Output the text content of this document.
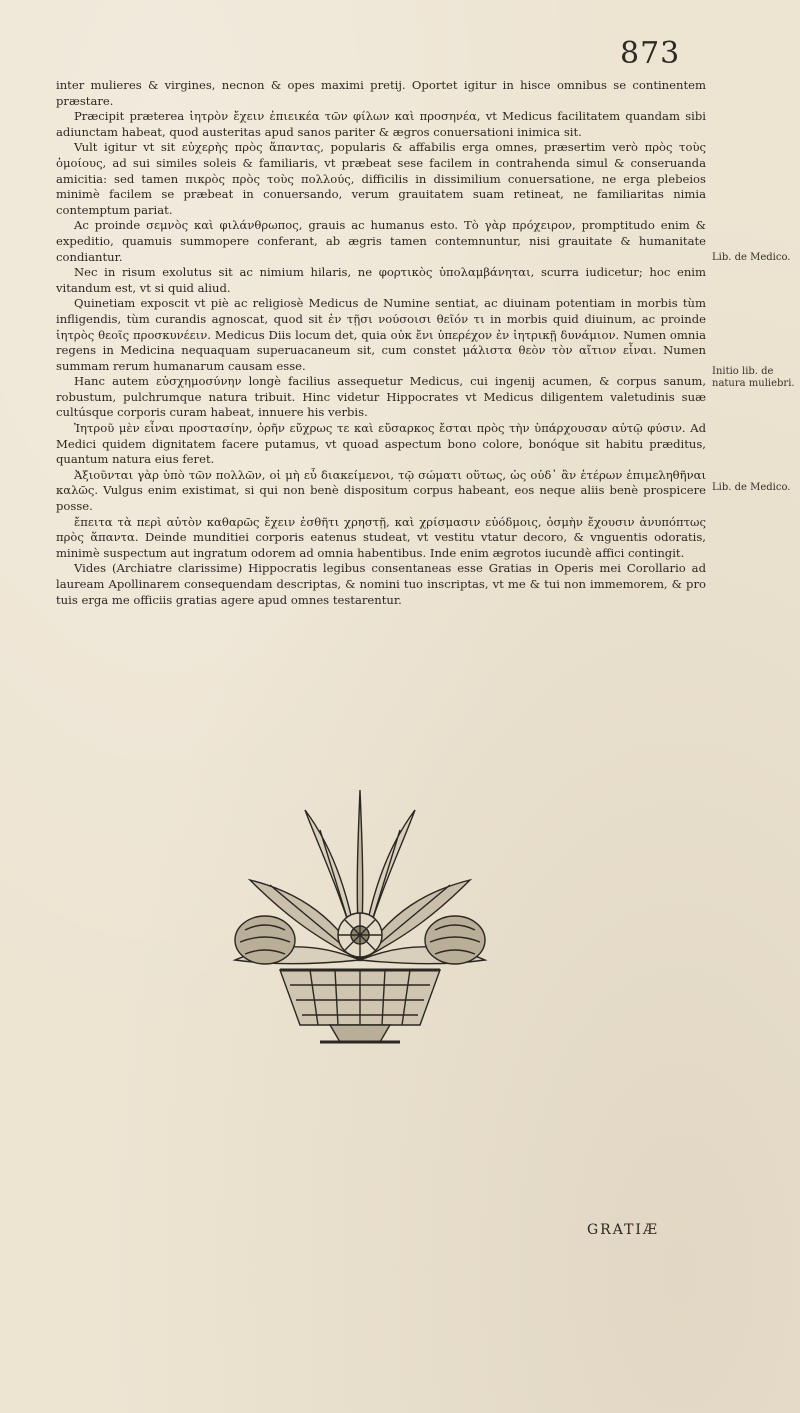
873

inter mulieres & virgines, necnon & opes maximi pretij. Oportet igitur in hisce omnibus se continentem præstare.

Præcipit præterea ἰητρὸν ἔχειν ἐπιεικέα τῶν φίλων καὶ προσηνέα, vt Medicus facilitatem quandam sibi adiunctam habeat, quod austeritas apud sanos pariter & ægros conuersationi inimica sit.

Vult igitur vt sit εὐχερὴς πρὸς ἅπαντας, popularis & affabilis erga omnes, præsertim verò πρὸς τοὺς ὁμοίους, ad sui similes soleis & familiaris, vt præbeat sese facilem in contrahenda simul & conseruanda amicitia: sed tamen πικρὸς πρὸς τοὺς πολλούς, difficilis in dissimilium conuersatione, ne erga plebeios minimè facilem se præbeat in conuersando, verum grauitatem suam retineat, ne familiaritas nimia contemptum pariat.

Ac proinde σεμνὸς καὶ φιλάνθρωπος, grauis ac humanus esto. Τὸ γὰρ πρόχειρον, promptitudo enim & expeditio, quamuis summopere conferant, ab ægris tamen contemnuntur, nisi grauitate & humanitate condiantur.

Nec in risum exolutus sit ac nimium hilaris, ne φορτικὸς ὑπολαμβάνηται, scurra iudicetur; hoc enim vitandum est, vt si quid aliud.

Quinetiam exposcit vt piè ac religiosè Medicus de Numine sentiat, ac diuinam potentiam in morbis tùm infligendis, tùm curandis agnoscat, quod sit ἐν τῇσι νούσοισι θεῖόν τι in morbis quid diuinum, ac proinde ἰητρὸς θεοῖς προσκυνέειν. Medicus Diis locum det, quia οὐκ ἔνι ὑπερέχον ἐν ἰητρικῇ δυνάμιον. Numen omnia regens in Medicina nequaquam superuacaneum sit, cum constet μάλιστα θεὸν τὸν αἴτιον εἶναι. Numen summam rerum humanarum causam esse.

Hanc autem εὐσχημοσύνην longè facilius assequetur Medicus, cui ingenij acumen, & corpus sanum, robustum, pulchrumque natura tribuit. Hinc videtur Hippocrates vt Medicus diligentem valetudinis suæ cultúsque corporis curam habeat, innuere his verbis.

Ἰητροῦ μὲν εἶναι προστασίην, ὁρῆν εὔχρως τε καὶ εὔσαρκος ἔσται πρὸς τὴν ὑπάρχουσαν αὐτῷ φύσιν. Ad Medici quidem dignitatem facere putamus, vt quoad aspectum bono colore, bonóque sit habitu præditus, quantum natura eius feret.

Ἀξιοῦνται γὰρ ὑπὸ τῶν πολλῶν, οἱ μὴ εὖ διακείμενοι, τῷ σώματι οὕτως, ὡς οὐδ᾽ ἂν ἑτέρων ἐπιμεληθῆναι καλῶς. Vulgus enim existimat, si qui non benè dispositum corpus habeant, eos neque aliis benè prospicere posse.

ἔπειτα τὰ περὶ αὐτὸν καθαρῶς ἔχειν ἐσθῆτι χρηστῇ, καὶ χρίσμασιν εὐόδμοις, ὀσμὴν ἔχουσιν ἀνυπόπτως πρὸς ἅπαντα. Deinde munditiei corporis eatenus studeat, vt vestitu vtatur decoro, & vnguentis odoratis, minimè suspectum aut ingratum odorem ad omnia habentibus. Inde enim ægrotos iucundè affici contingit.

Vides (Archiatre clarissime) Hippocratis legibus consentaneas esse Gratias in Operis mei Corollario ad lauream Apollinarem consequendam descriptas, & nomini tuo inscriptas, vt me & tui non immemorem, & pro tuis erga me officiis gratias agere apud omnes testarentur.

Lib. de Medico.
Initio lib. de natura muliebri.
Lib. de Medico.
GRATIÆ
